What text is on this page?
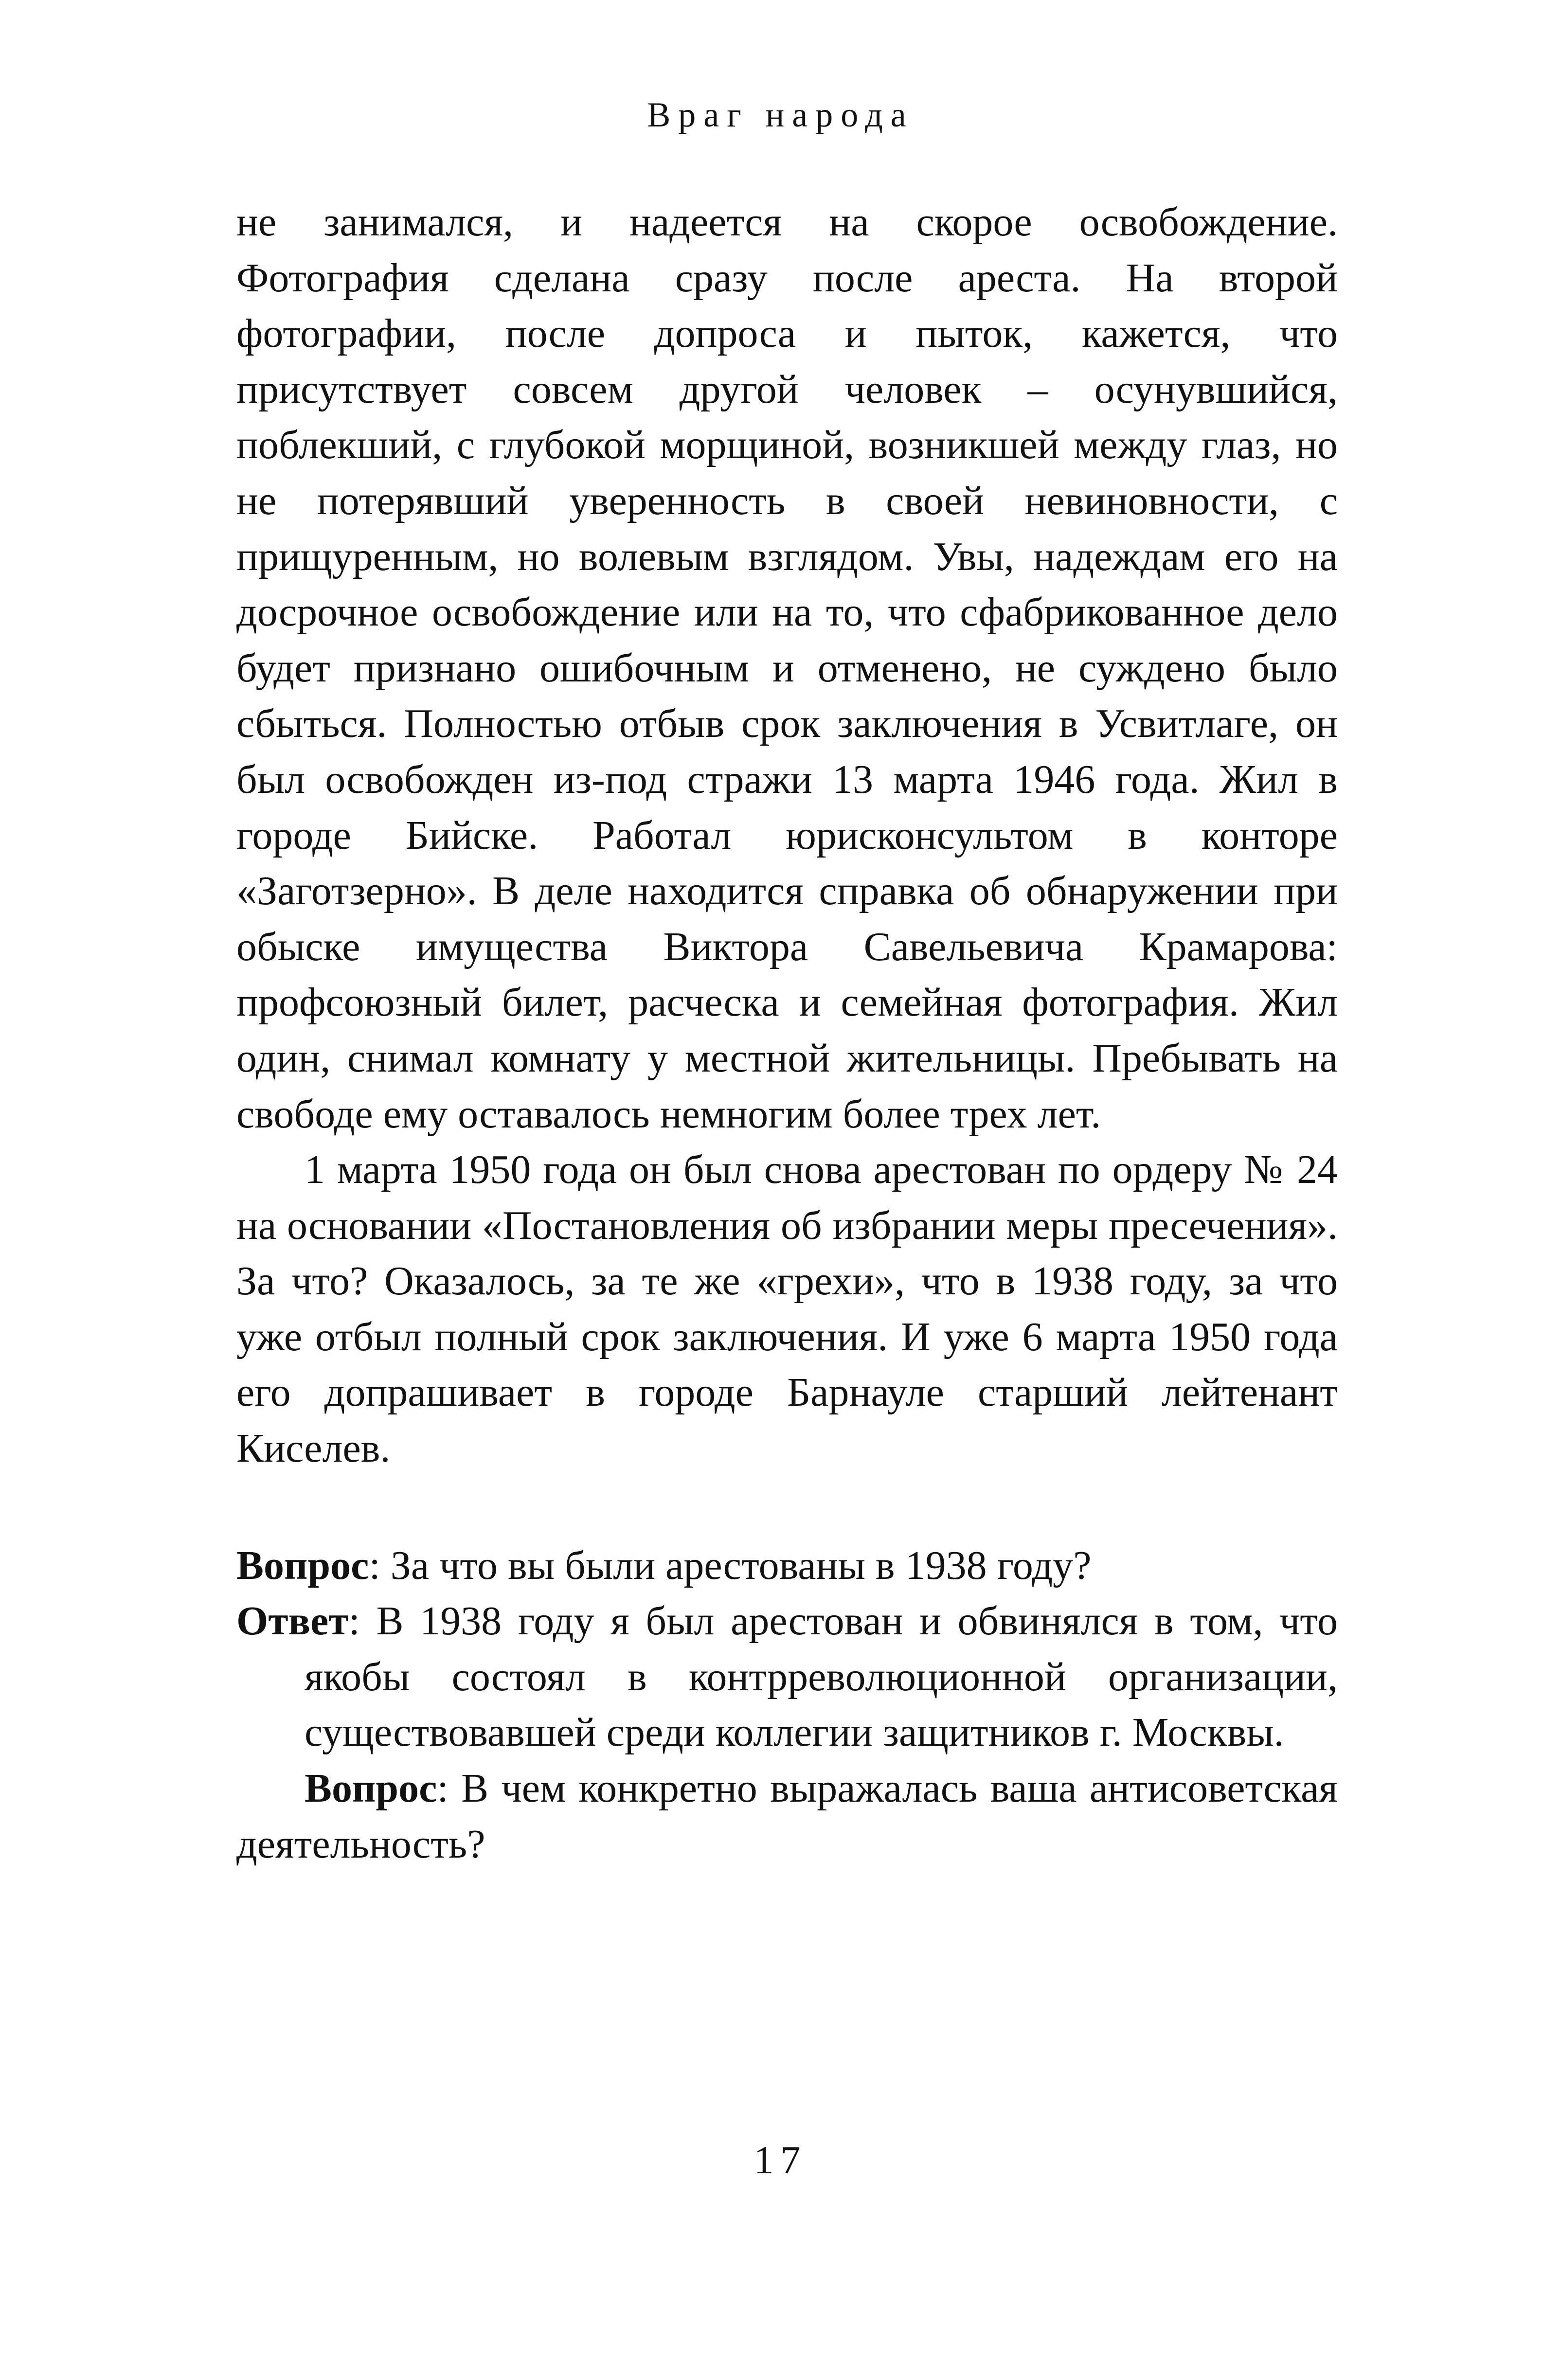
Враг народа

не занимался, и надеется на скорое освобождение. Фотография сделана сразу после ареста. На второй фотографии, после допроса и пыток, кажется, что присутствует совсем другой человек – осунувшийся, поблекший, с глубокой морщиной, возникшей между глаз, но не потерявший уверенность в своей невиновности, с прищуренным, но волевым взглядом. Увы, надеждам его на досрочное освобождение или на то, что сфабрикованное дело будет признано ошибочным и отменено, не суждено было сбыться. Полностью отбыв срок заключения в Усвитлаге, он был освобожден из-под стражи 13 марта 1946 года. Жил в городе Бийске. Работал юрисконсультом в конторе «Заготзерно». В деле находится справка об обнаружении при обыске имущества Виктора Савельевича Крамарова: профсоюзный билет, расческа и семейная фотография. Жил один, снимал комнату у местной жительницы. Пребывать на свободе ему оставалось немногим более трех лет.

1 марта 1950 года он был снова арестован по ордеру № 24 на основании «Постановления об избрании меры пресечения». За что? Оказалось, за те же «грехи», что в 1938 году, за что уже отбыл полный срок заключения. И уже 6 марта 1950 года его допрашивает в городе Барнауле старший лейтенант Киселев.

Вопрос: За что вы были арестованы в 1938 году?

Ответ: В 1938 году я был арестован и обвинялся в том, что якобы состоял в контрреволюционной организации, существовавшей среди коллегии защитников г. Москвы.

Вопрос: В чем конкретно выражалась ваша антисоветская деятельность?

17
